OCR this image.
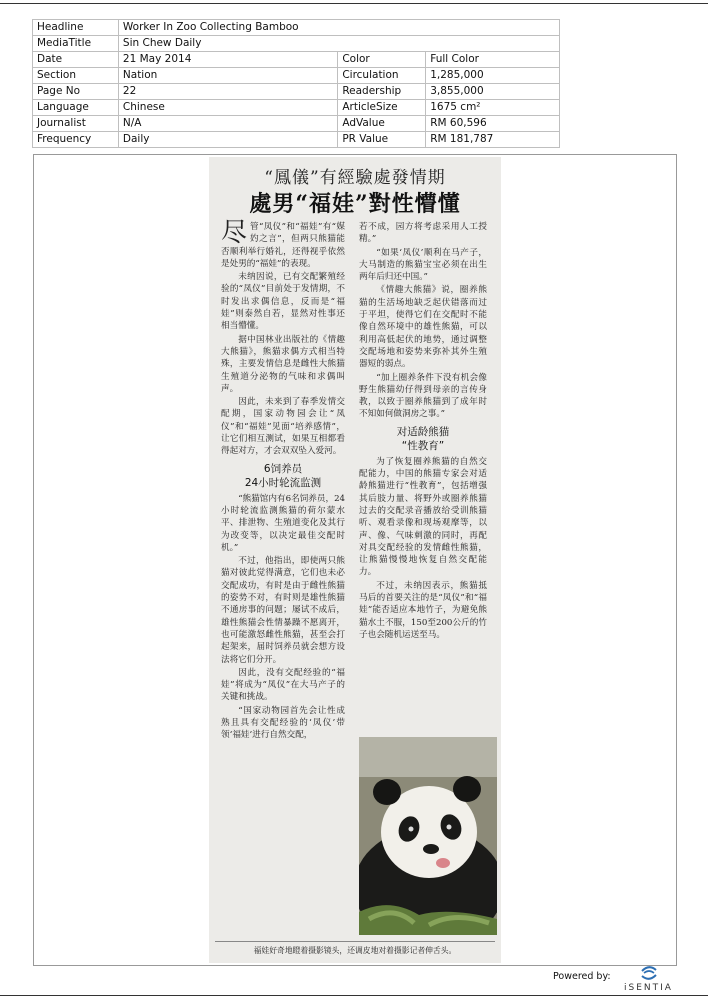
Headline	Worker In Zoo Collecting Bamboo		
MediaTitle	Sin Chew Daily		
Date	21 May 2014	Color	Full Color
Section	Nation	Circulation	1,285,000
Page No	22	Readership	3,855,000
Language	Chinese	ArticleSize	1675 cm²
Journalist	N/A	AdValue	RM 60,596
Frequency	Daily	PR Value	RM 181,787
“鳳儀”有經驗處發情期
處男“福娃”對性懵懂

尽管“凤仪”和“福娃”有“媒妁之言”，但两只熊猫能否顺利举行婚礼，还得视乎依然是处男的“福娃”的表现。

未纳因说，已有交配繁殖经验的“凤仪”目前处于发情期，不时发出求偶信息，反而是“福娃”则泰然自若，显然对性事还相当懵懂。

据中国林业出版社的《情趣大熊猫》，熊猫求偶方式相当特殊，主要发情信息是雌性大熊猫生殖道分泌物的气味和求偶叫声。

因此，未来到了春季发情交配期，国家动物园会让“凤仪”和“福娃”见面“培养感情”，让它们相互测试，如果互相都看得起对方，才会双双坠入爱河。

6饲养员
24小时轮流监测

“熊猫馆内有6名饲养员，24小时轮流监测熊猫的荷尔蒙水平、排泄物、生殖道变化及其行为改变等，以决定最佳交配时机。”

不过，他指出，即使两只熊猫对彼此觉得满意，它们也未必交配成功，有时是由于雌性熊猫的姿势不对，有时则是雄性熊猫不通房事的问题；屡试不成后，雄性熊猫会性情暴躁不愿离开，也可能激怒雌性熊猫，甚至会打起架来，届时饲养员就会想方设法将它们分开。

因此，没有交配经验的“福娃”将成为“凤仪”在大马产子的关键和挑战。

“国家动物园首先会让性成熟且具有交配经验的‘凤仪’带领‘福娃’进行自然交配，

若不成，园方将考虑采用人工授精。”

“如果‘凤仪’顺利在马产子，大马制造的熊猫宝宝必须在出生两年后归还中国。”

《情趣大熊猫》说，圈养熊猫的生活场地缺乏起伏错落而过于平坦，使得它们在交配时不能像自然环境中的雄性熊猫，可以利用高低起伏的地势，通过调整交配场地和姿势来弥补其外生殖器短的弱点。

“加上圈养条件下没有机会像野生熊猫幼仔得到母亲的言传身教，以致于圈养熊猫到了成年时不知如何做洞房之事。”

对适龄熊猫
“性教育”

为了恢复圈养熊猫的自然交配能力，中国的熊猫专家会对适龄熊猫进行“性教育”，包括增强其后肢力量、将野外或圈养熊猫过去的交配录音播放给受训熊猫听、观看录像和现场观摩等，以声、像、气味刺激的同时，再配对具交配经验的发情雌性熊猫，让熊猫慢慢地恢复自然交配能力。

不过，未纳因表示，熊猫抵马后的首要关注的是“凤仪”和“福娃”能否适应本地竹子，为避免熊猫水土不服，150至200公斤的竹子也会随机运送至马。

福娃好奇地瞪着摄影镜头，还调皮地对着摄影记者伸舌头。
Powered by:
iSENTIA
